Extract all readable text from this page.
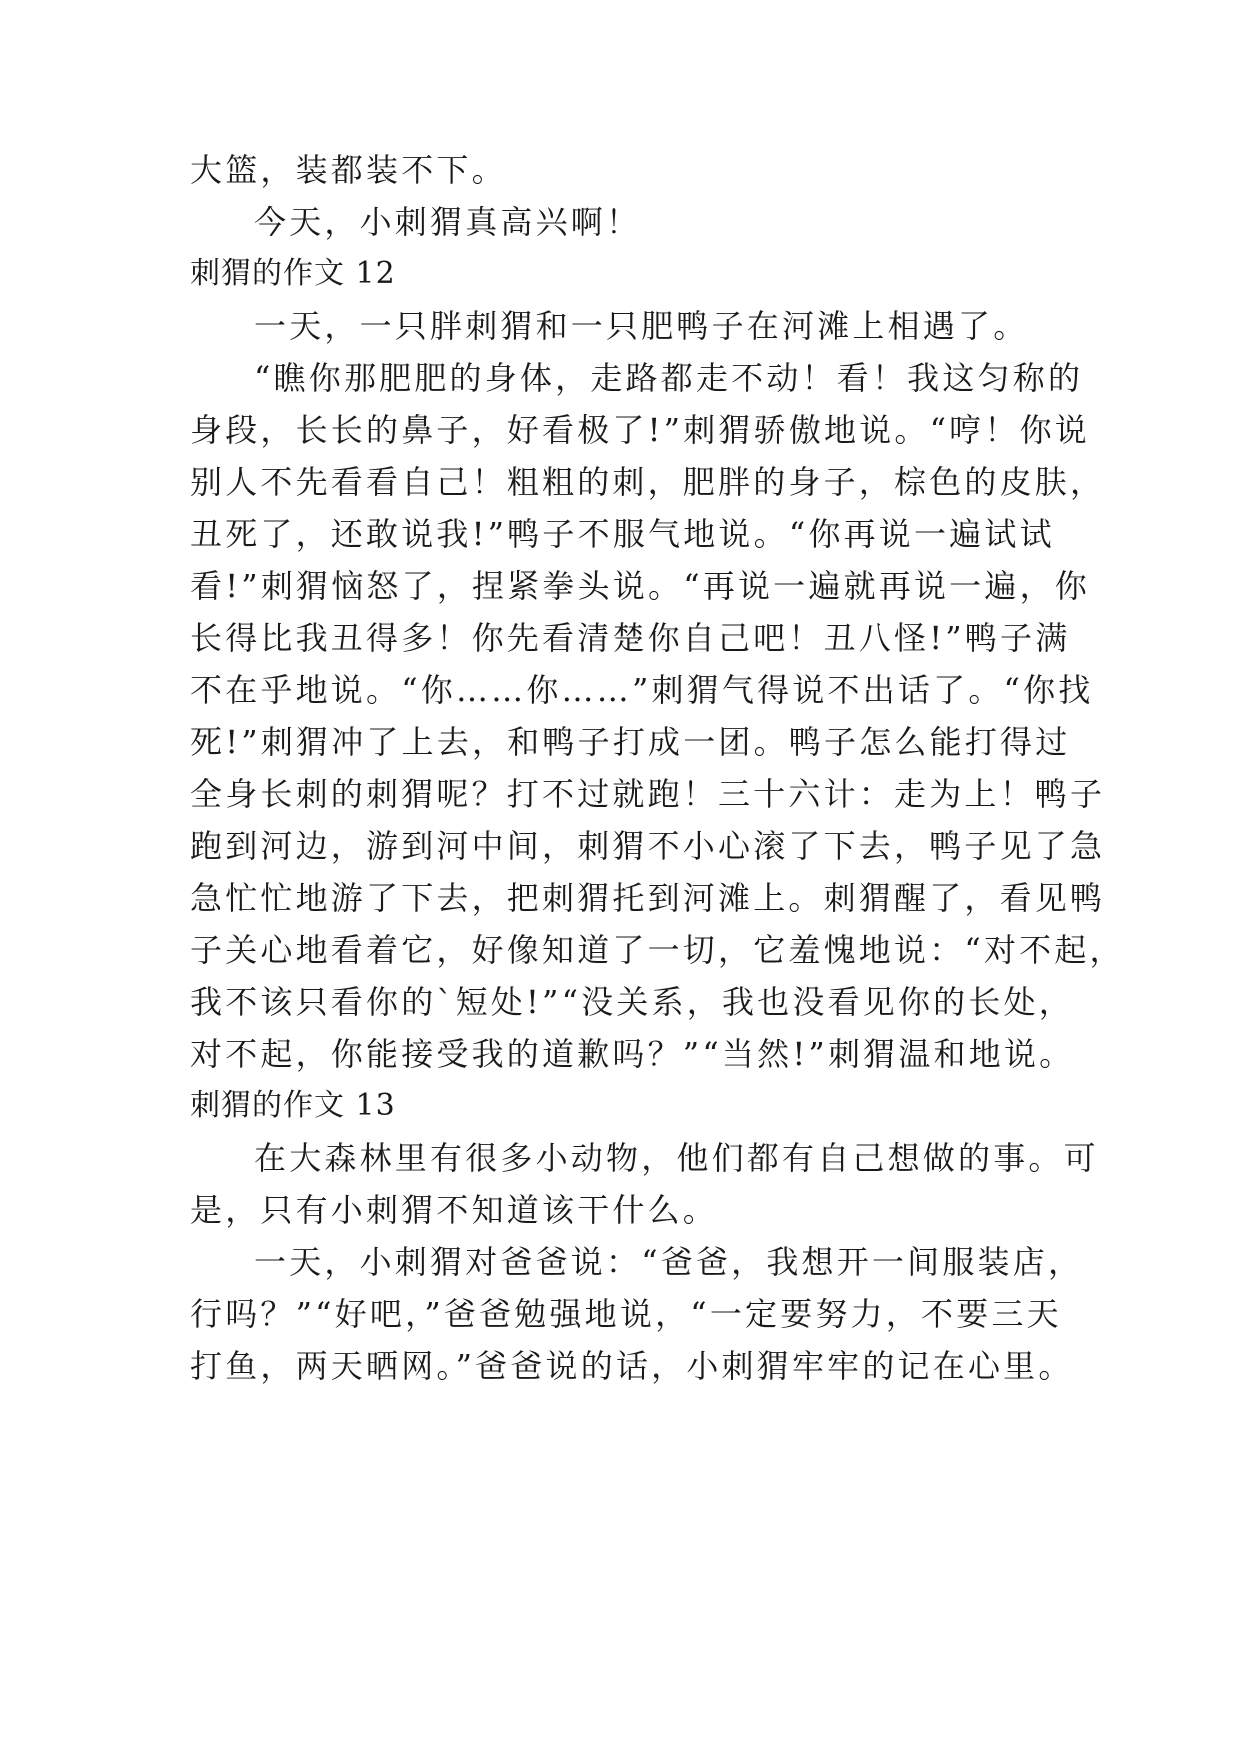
大篮，装都装不下。
今天，小刺猬真高兴啊！
刺猬的作文 12
一天，一只胖刺猬和一只肥鸭子在河滩上相遇了。
“瞧你那肥肥的身体，走路都走不动！看！我这匀称的
身段，长长的鼻子，好看极了!”刺猬骄傲地说。“哼！你说
别人不先看看自己！粗粗的刺，肥胖的身子，棕色的皮肤，
丑死了，还敢说我!”鸭子不服气地说。“你再说一遍试试
看!”刺猬恼怒了，捏紧拳头说。“再说一遍就再说一遍，你
长得比我丑得多！你先看清楚你自己吧！丑八怪!”鸭子满
不在乎地说。“你……你……”刺猬气得说不出话了。“你找
死!”刺猬冲了上去，和鸭子打成一团。鸭子怎么能打得过
全身长刺的刺猬呢？打不过就跑！三十六计：走为上！鸭子
跑到河边，游到河中间，刺猬不小心滚了下去，鸭子见了急
急忙忙地游了下去，把刺猬托到河滩上。刺猬醒了，看见鸭
子关心地看着它，好像知道了一切，它羞愧地说：“对不起，
我不该只看你的`短处!”“没关系，我也没看见你的长处，
对不起，你能接受我的道歉吗？”“当然!”刺猬温和地说。
刺猬的作文 13
在大森林里有很多小动物，他们都有自己想做的事。可
是，只有小刺猬不知道该干什么。
一天，小刺猬对爸爸说：“爸爸，我想开一间服装店，
行吗？”“好吧，”爸爸勉强地说，“一定要努力，不要三天
打鱼，两天晒网。”爸爸说的话，小刺猬牢牢的记在心里。
